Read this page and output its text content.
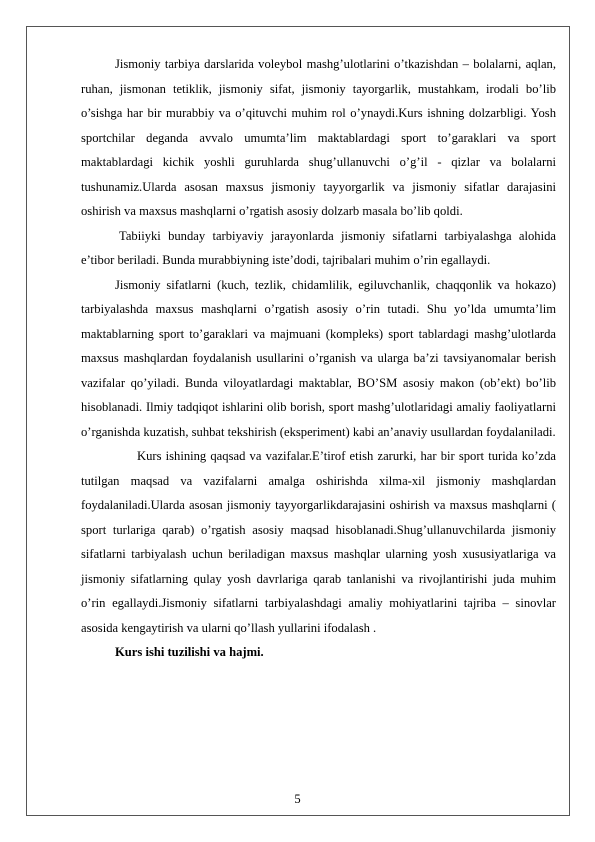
Jismoniy tarbiya darslarida voleybol mashg’ulotlarini o’tkazishdan – bolalarni, aqlan, ruhan, jismonan tetiklik, jismoniy sifat, jismoniy tayorgarlik, mustahkam, irodali bo’lib o’sishga har bir murabbiy va o’qituvchi muhim rol o’ynaydi.Kurs ishning dolzarbligi. Yosh sportchilar deganda avvalo umumta’lim maktablardagi sport to’garaklari va sport maktablardagi kichik yoshli guruhlarda shug’ullanuvchi o’g’il - qizlar va bolalarni tushunamiz.Ularda asosan maxsus jismoniy tayyorgarlik va jismoniy sifatlar darajasini oshirish va maxsus mashqlarni o’rgatish asosiy dolzarb masala bo’lib qoldi.

Tabiiyki bunday tarbiyaviy jarayonlarda jismoniy sifatlarni tarbiyalashga alohida e’tibor beriladi. Bunda murabbiyning iste’dodi, tajribalari muhim o’rin egallaydi.

Jismoniy sifatlarni (kuch, tezlik, chidamlilik, egiluvchanlik, chaqqonlik va hokazo) tarbiyalashda maxsus mashqlarni o’rgatish asosiy o’rin tutadi. Shu yo’lda umumta’lim maktablarning sport to’garaklari va majmuani (kompleks) sport tablardagi mashg’ulotlarda maxsus mashqlardan foydalanish usullarini o’rganish va ularga ba’zi tavsiyanomalar berish vazifalar qo’yiladi. Bunda viloyatlardagi maktablar, BO’SM asosiy makon (ob’ekt) bo’lib hisoblanadi. Ilmiy tadqiqot ishlarini olib borish, sport mashg’ulotlaridagi amaliy faoliyatlarni o’rganishda kuzatish, suhbat tekshirish (eksperiment) kabi an’anaviy usullardan foydalaniladi.

Kurs ishining qaqsad va vazifalar.E’tirof etish zarurki, har bir sport turida ko’zda tutilgan maqsad va vazifalarni amalga oshirishda xilma-xil jismoniy mashqlardan foydalaniladi.Ularda asosan jismoniy tayyorgarlikdarajasini oshirish va maxsus mashqlarni ( sport turlariga qarab) o’rgatish asosiy maqsad hisoblanadi.Shug’ullanuvchilarda jismoniy sifatlarni tarbiyalash uchun beriladigan maxsus mashqlar ularning yosh xususiyatlariga va jismoniy sifatlarning qulay yosh davrlariga qarab tanlanishi va rivojlantirishi juda muhim o’rin egallaydi.Jismoniy sifatlarni tarbiyalashdagi amaliy mohiyatlarini tajriba – sinovlar asosida kengaytirish va ularni qo’llash yullarini ifodalash .

Kurs ishi tuzilishi va hajmi.

5
